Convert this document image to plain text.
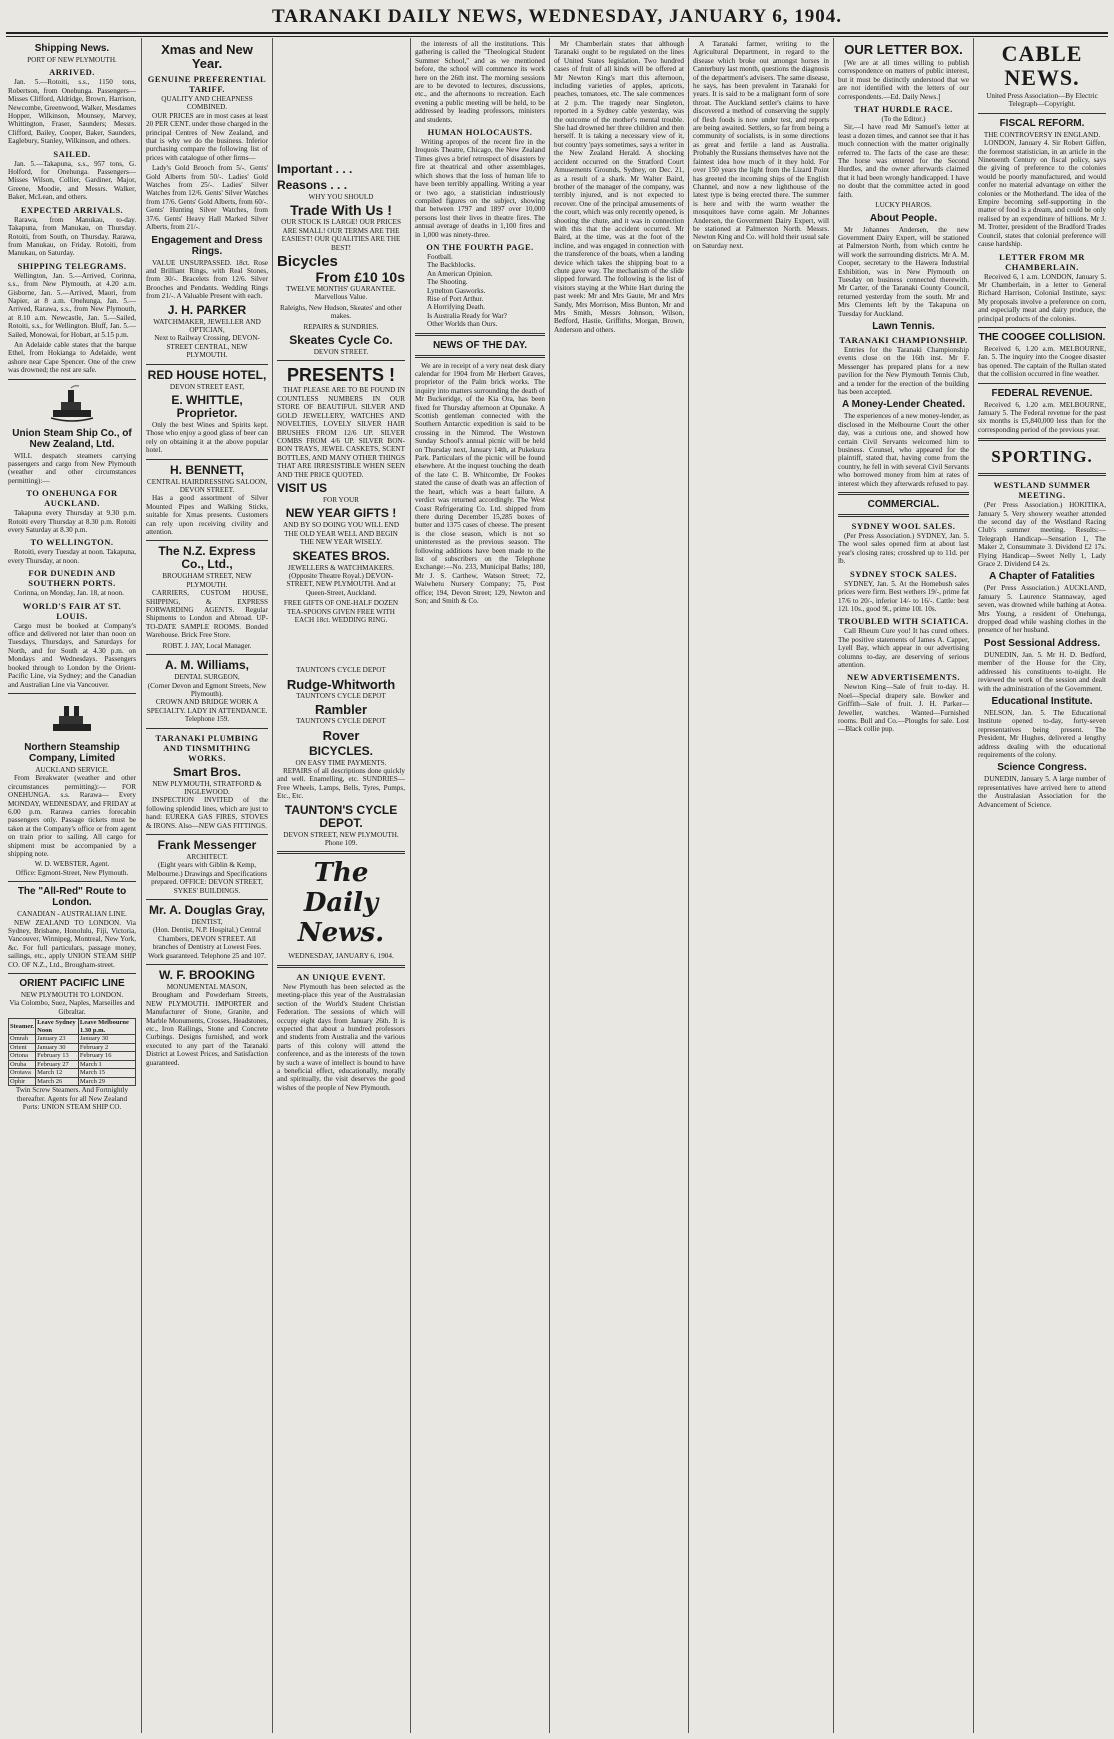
TARANAKI DAILY NEWS, WEDNESDAY, JANUARY 6, 1904.
Shipping News.
PORT OF NEW PLYMOUTH.
ARRIVED.

Jan. 5.—Rotoiti, s.s., 1150 tons, Robertson, from Onehunga. Passengers—Misses Clifford, Aldridge, Brown, Harrison, Newcombe, Greenwood, Walker, Mesdames Hopper, Wilkinson, Mounsey, Marvey, Whittington, Fraser, Saunders; Messrs. Clifford, Bailey, Cooper, Baker, Saunders, Eaglebury, Stanley, Wilkinson, and others.

SAILED.

Jan. 5.—Takapuna, s.s., 957 tons, G. Holford, for Onehunga. Passengers—Misses Wilson, Collier, Gardiner, Major, Greene, Moodie, and Messrs. Walker, Baker, McLean, and others.

EXPECTED ARRIVALS.

Rarawa, from Manukau, to-day. Takapuna, from Manukau, on Thursday. Rotoiti, from South, on Thursday. Rarawa, from Manukau, on Friday. Rotoiti, from Manukau, on Saturday.

SHIPPING TELEGRAMS.

Wellington, Jan. 5.—Arrived, Corinna, s.s., from New Plymouth, at 4.20 a.m. Gisborne, Jan. 5.—Arrived, Maori, from Napier, at 8 a.m. Onehunga, Jan. 5.—Arrived, Rarawa, s.s., from New Plymouth, at 8.10 a.m. Newcastle, Jan. 5.—Sailed, Rotoiti, s.s., for Wellington. Bluff, Jan. 5.—Sailed, Monowai, for Hobart, at 5.15 p.m.

An Adelaide cable states that the barque Ethel, from Hokianga to Adelaide, went ashore near Cape Spencer. One of the crew was drowned; the rest are safe.

Union Steam Ship Co., of New Zealand, Ltd.

WILL despatch steamers carrying passengers and cargo from New Plymouth (weather and other circumstances permitting):—

TO ONEHUNGA FOR AUCKLAND.

Takapuna every Thursday at 9.30 p.m. Rotoiti every Thursday at 8.30 p.m. Rotoiti every Saturday at 8.30 p.m.

TO WELLINGTON.

Rotoiti, every Tuesday at noon. Takapuna, every Thursday, at noon.

FOR DUNEDIN AND SOUTHERN PORTS.

Corinna, on Monday, Jan. 18, at noon.

WORLD'S FAIR AT ST. LOUIS.

Cargo must be booked at Company's office and delivered not later than noon on Tuesdays, Thursdays, and Saturdays for North, and for South at 4.30 p.m. on Mondays and Wednesdays. Passengers booked through to London by the Orient-Pacific Line, via Sydney; and the Canadian and Australian Line via Vancouver.

Northern Steamship Company, Limited
AUCKLAND SERVICE.

From Breakwater (weather and other circumstances permitting):— FOR ONEHUNGA. s.s. Rarawa— Every MONDAY, WEDNESDAY, and FRIDAY at 6.00 p.m. Rarawa carries forecabin passengers only. Passage tickets must be taken at the Company's office or from agent on train prior to sailing. All cargo for shipment must be accompanied by a shipping note.

W. D. WEBSTER, Agent.
Office: Egmont-Street, New Plymouth.
The "All-Red" Route to London.
CANADIAN - AUSTRALIAN LINE.

NEW ZEALAND TO LONDON. Via Sydney, Brisbane, Honolulu, Fiji, Victoria, Vancouver, Winnipeg, Montreal, New York, &c. For full particulars, passage money, sailings, etc., apply UNION STEAM SHIP CO. OF N.Z., Ltd., Brougham-street.

ORIENT PACIFIC LINE
NEW PLYMOUTH TO LONDON.

Via Colombo, Suez, Naples, Marseilles and Gibraltar.

Steamer.	Leave Sydney Noon	Leave Melbourne 1.30 p.m.
Omrah	January 23	January 30
Orient	January 30	February 2
Ortona	February 13	February 16
Oruba	February 27	March 1
Orotava	March 12	March 15
Ophir	March 26	March 29

Twin Screw Steamers. And Fortnightly thereafter. Agents for all New Zealand Ports: UNION STEAM SHIP CO.

Xmas and New Year.
GENUINE PREFERENTIAL TARIFF.
QUALITY AND CHEAPNESS COMBINED.

OUR PRICES are in most cases at least 20 PER CENT. under those charged in the principal Centres of New Zealand, and that is why we do the business. Inferior purchasing compare the following list of prices with catalogue of other firms—

Lady's Gold Brooch from 5/-. Gents' Gold Alberts from 50/-. Ladies' Gold Watches from 25/-. Ladies' Silver Watches from 12/6. Gents' Silver Watches from 17/6. Gents' Gold Alberts, from 60/-. Gents' Hunting Silver Watches, from 37/6. Gents' Heavy Hall Marked Silver Alberts, from 21/-.

Engagement and Dress Rings.

VALUE UNSURPASSED. 18ct. Rose and Brilliant Rings, with Real Stones, from 30/-. Bracelets from 12/6. Silver Brooches and Pendants. Wedding Rings from 21/-. A Valuable Present with each.

J. H. PARKER
WATCHMAKER, JEWELLER AND OPTICIAN,
Next to Railway Crossing, DEVON-STREET CENTRAL, NEW PLYMOUTH.
RED HOUSE HOTEL,
DEVON STREET EAST,
E. WHITTLE, Proprietor.

Only the best Wines and Spirits kept. Those who enjoy a good glass of beer can rely on obtaining it at the above popular hotel.

H. BENNETT,
CENTRAL HAIRDRESSING SALOON, DEVON STREET.

Has a good assortment of Silver Mounted Pipes and Walking Sticks, suitable for Xmas presents. Customers can rely upon receiving civility and attention.

The N.Z. Express Co., Ltd.,
BROUGHAM STREET, NEW PLYMOUTH.

CARRIERS, CUSTOM HOUSE, SHIPPING, & EXPRESS FORWARDING AGENTS. Regular Shipments to London and Abroad. UP-TO-DATE SAMPLE ROOMS. Bonded Warehouse. Brick Free Store.

ROBT. J. JAY, Local Manager.
A. M. Williams,
DENTAL SURGEON,
(Corner Devon and Egmont Streets, New Plymouth).

CROWN AND BRIDGE WORK A SPECIALTY. LADY IN ATTENDANCE. Telephone 159.

TARANAKI PLUMBING AND TINSMITHING WORKS.
Smart Bros.
NEW PLYMOUTH, STRATFORD & INGLEWOOD.

INSPECTION INVITED of the following splendid lines, which are just to hand: EUREKA GAS FIRES, STOVES & IRONS. Also—NEW GAS FITTINGS.

Frank Messenger
ARCHITECT.

(Eight years with Giblin & Kemp, Melbourne.) Drawings and Specifications prepared. OFFICE: DEVON STREET, SYKES' BUILDINGS.

Mr. A. Douglas Gray,
DENTIST,

(Hon. Dentist, N.P. Hospital.) Central Chambers, DEVON STREET. All branches of Dentistry at Lowest Fees. Work guaranteed. Telephone 25 and 107.

W. F. BROOKING
MONUMENTAL MASON,

Brougham and Powderham Streets, NEW PLYMOUTH. IMPORTER and Manufacturer of Stone, Granite, and Marble Monuments, Crosses, Headstones, etc., Iron Railings, Stone and Concrete Curbings. Designs furnished, and work executed to any part of the Taranaki District at Lowest Prices, and Satisfaction guaranteed.

Important . . .
Reasons . . .
WHY YOU SHOULD
Trade With Us !

OUR STOCK IS LARGE! OUR PRICES ARE SMALL! OUR TERMS ARE THE EASIEST! OUR QUALITIES ARE THE BEST!

Bicycles
From £10 10s

TWELVE MONTHS' GUARANTEE. Marvellous Value.

Raleighs, New Hudson, Skeates' and other makes.

REPAIRS & SUNDRIES.
Skeates Cycle Co.
DEVON STREET.
PRESENTS !

THAT PLEASE ARE TO BE FOUND IN COUNTLESS NUMBERS IN OUR STORE OF BEAUTIFUL SILVER AND GOLD JEWELLERY, WATCHES AND NOVELTIES, LOVELY SILVER HAIR BRUSHES FROM 12/6 UP. SILVER COMBS FROM 4/6 UP. SILVER BON-BON TRAYS, JEWEL CASKETS, SCENT BOTTLES, AND MANY OTHER THINGS THAT ARE IRRESISTIBLE WHEN SEEN AND THE PRICE QUOTED.

VISIT US
FOR YOUR
NEW YEAR GIFTS !

AND BY SO DOING YOU WILL END THE OLD YEAR WELL AND BEGIN THE NEW YEAR WISELY.

SKEATES BROS.
JEWELLERS & WATCHMAKERS.

(Opposite Theatre Royal.) DEVON-STREET, NEW PLYMOUTH. And at Queen-Street, Auckland.

FREE GIFTS OF ONE-HALF DOZEN TEA-SPOONS GIVEN FREE WITH EACH 18ct. WEDDING RING.

TAUNTON'S CYCLE DEPOT
Rudge-Whitworth
TAUNTON'S CYCLE DEPOT
Rambler
TAUNTON'S CYCLE DEPOT
Rover
BICYCLES.
ON EASY TIME PAYMENTS.

REPAIRS of all descriptions done quickly and well. Enamelling, etc. SUNDRIES—Free Wheels, Lamps, Bells, Tyres, Pumps, Etc., Etc.

TAUNTON'S CYCLE DEPOT.

DEVON STREET, NEW PLYMOUTH. Phone 109.

The Daily News.
WEDNESDAY, JANUARY 6, 1904.
AN UNIQUE EVENT.

New Plymouth has been selected as the meeting-place this year of the Australasian section of the World's Student Christian Federation. The sessions of which will occupy eight days from January 26th. It is expected that about a hundred professors and students from Australia and the various parts of this colony will attend the conference, and as the interests of the town by such a wave of intellect is bound to have a beneficial effect, educationally, morally and spiritually, the visit deserves the good wishes of the people of New Plymouth.

the interests of all the institutions. This gathering is called the "Theological Student Summer School," and as we mentioned before, the school will commence its work here on the 26th inst. The morning sessions are to be devoted to lectures, discussions, etc., and the afternoons to recreation. Each evening a public meeting will be held, to be addressed by leading professors, ministers and students.

HUMAN HOLOCAUSTS.

Writing apropos of the recent fire in the Iroquois Theatre, Chicago, the New Zealand Times gives a brief retrospect of disasters by fire at theatrical and other assemblages, which shows that the loss of human life to have been terribly appalling. Writing a year or two ago, a statistician industriously compiled figures on the subject, showing that between 1797 and 1897 over 10,000 persons lost their lives in theatre fires. The annual average of deaths in 1,100 fires and in 1,000 was ninety-three.

ON THE FOURTH PAGE.
Football.
The Backblocks.
An American Opinion.
The Shooting.
Lyttelton Gasworks.
Rise of Port Arthur.
A Horrifying Death.
Is Australia Ready for War?
Other Worlds than Ours.
NEWS OF THE DAY.

We are in receipt of a very neat desk diary calendar for 1904 from Mr Herbert Graves, proprietor of the Palm brick works. The inquiry into matters surrounding the death of Mr Buckeridge, of the Kia Ora, has been fixed for Thursday afternoon at Opunake. A Scottish gentleman connected with the Southern Antarctic expedition is said to be crossing in the Nimrod. The Westown Sunday School's annual picnic will be held on Thursday next, January 14th, at Pukekura Park. Particulars of the picnic will be found elsewhere. At the inquest touching the death of the late C. B. Whitcombe, Dr Fookes stated the cause of death was an affection of the heart, which was a heart failure. A verdict was returned accordingly. The West Coast Refrigerating Co. Ltd. shipped from there during December 15,285 boxes of butter and 1375 cases of cheese. The present is the close season, which is not so uninterested as the previous season. The following additions have been made to the list of subscribers on the Telephone Exchange:—No. 233, Municipal Baths; 180, Mr J. S. Carthew, Watson Street; 72, Waiwhetu Nursery Company; 75, Post office; 194, Devon Street; 129, Newton and Son; and Smith & Co.

Mr Chamberlain states that although Taranaki ought to be regulated on the lines of United States legislation. Two hundred cases of fruit of all kinds will be offered at Mr Newton King's mart this afternoon, including varieties of apples, apricots, peaches, tomatoes, etc. The sale commences at 2 p.m. The tragedy near Singleton, reported in a Sydney cable yesterday, was the outcome of the mother's mental trouble. She had drowned her three children and then herself. It is taking a necessary view of it, but country 'pays sometimes, says a writer in the New Zealand Herald. A shocking accident occurred on the Stratford Court Amusements Grounds, Sydney, on Dec. 21, as a result of a shark. Mr Walter Baird, brother of the manager of the company, was terribly injured, and is not expected to recover. One of the principal amusements of the court, which was only recently opened, is shooting the chute, and it was in connection with this that the accident occurred. Mr Baird, at the time, was at the foot of the incline, and was engaged in connection with the transference of the boats, when a landing device which takes the shipping boat to a chute gave way. The mechanism of the slide slipped forward. The following is the list of visitors staying at the White Hart during the past week: Mr and Mrs Gaute, Mr and Mrs Sandy, Mrs Morrison, Miss Bunton, Mr and Mrs Smith, Messrs Johnson, Wilson, Bedford, Hastie, Griffiths, Morgan, Brown, Anderson and others.

A Taranaki farmer, writing to the Agricultural Department, in regard to the disease which broke out amongst horses in Canterbury last month, questions the diagnosis of the department's advisers. The same disease, he says, has been prevalent in Taranaki for years. It is said to be a malignant form of sore throat. The Auckland settler's claims to have discovered a method of conserving the supply of flesh foods is now under test, and reports are being awaited. Settlers, so far from being a community of socialists, is in some directions as great and fertile a land as Australia. Probably the Russians themselves have not the faintest idea how much of it they hold. For over 150 years the light from the Lizard Point has greeted the incoming ships of the English Channel, and now a new lighthouse of the latest type is being erected there. The summer is here and with the warm weather the mosquitoes have come again. Mr Johannes Andersen, the Government Dairy Expert, will be stationed at Palmerston North. Messrs. Newton King and Co. will hold their usual sale on Saturday next.

OUR LETTER BOX.

[We are at all times willing to publish correspondence on matters of public interest, but it must be distinctly understood that we are not identified with the letters of our correspondents.—Ed. Daily News.]

THAT HURDLE RACE.
(To the Editor.)

Sir,—I have read Mr Samuel's letter at least a dozen times, and cannot see that it has much connection with the matter originally referred to. The facts of the case are these: The horse was entered for the Second Hurdles, and the owner afterwards claimed that it had been wrongly handicapped. I have no doubt that the committee acted in good faith.

LUCKY PHAROS.
About People.

Mr Johannes Andersen, the new Government Dairy Expert, will be stationed at Palmerston North, from which centre he will work the surrounding districts. Mr A. M. Cooper, secretary to the Hawera Industrial Exhibition, was in New Plymouth on Tuesday on business connected therewith. Mr Carter, of the Taranaki County Council, returned yesterday from the south. Mr and Mrs Clements left by the Takapuna on Tuesday for Auckland.

Lawn Tennis.
TARANAKI CHAMPIONSHIP.

Entries for the Taranaki Championship events close on the 16th inst. Mr F. Messenger has prepared plans for a new pavilion for the New Plymouth Tennis Club, and a tender for the erection of the building has been accepted.

A Money-Lender Cheated.

The experiences of a new money-lender, as disclosed in the Melbourne Court the other day, was a curious one, and showed how certain Civil Servants welcomed him to business. Counsel, who appeared for the plaintiff, stated that, having come from the country, he fell in with several Civil Servants who borrowed money from him at rates of interest which they afterwards refused to pay.

COMMERCIAL.
SYDNEY WOOL SALES.

(Per Press Association.) SYDNEY, Jan. 5. The wool sales opened firm at about last year's closing rates; crossbred up to 11d. per lb.

SYDNEY STOCK SALES.

SYDNEY, Jan. 5. At the Homebush sales prices were firm. Best wethers 19/-, prime fat 17/6 to 20/-, inferior 14/- to 16/-. Cattle: best 12l. 10s., good 9l., prime 10l. 10s.

TROUBLED WITH SCIATICA.

Call Rheum Cure you! It has cured others. The positive statements of James A. Capper, Lyell Bay, which appear in our advertising columns to-day, are deserving of serious attention.

NEW ADVERTISEMENTS.

Newton King—Sale of fruit to-day. H. Noel—Special drapery sale. Bowker and Griffith—Sale of fruit. J. H. Parker—Jeweller, watches. Wanted—Furnished rooms. Bull and Co.—Ploughs for sale. Lost—Black collie pup.

CABLE NEWS.

United Press Association—By Electric Telegraph—Copyright.

FISCAL REFORM.
THE CONTROVERSY IN ENGLAND.

LONDON, January 4. Sir Robert Giffen, the foremost statistician, in an article in the Nineteenth Century on fiscal policy, says the giving of preference to the colonies would be poorly manufactured, and would confer no material advantage on either the colonies or the Motherland. The idea of the Empire becoming self-supporting in the matter of food is a dream, and could be only realised by an expenditure of billions. Mr J. M. Trotter, president of the Bradford Trades Council, states that colonial preference will cause hardship.

LETTER FROM MR CHAMBERLAIN.

Received 6, 1 a.m. LONDON, January 5. Mr Chamberlain, in a letter to General Richard Harrison, Colonial Institute, says: My proposals involve a preference on corn, and especially meat and dairy produce, the principal products of the colonies.

THE COOGEE COLLISION.

Received 6, 1.20 a.m. MELBOURNE, Jan. 5. The inquiry into the Coogee disaster has opened. The captain of the Rullan stated that the collision occurred in fine weather.

FEDERAL REVENUE.

Received 6, 1.20 a.m. MELBOURNE, January 5. The Federal revenue for the past six months is £5,840,000 less than for the corresponding period of the previous year.

SPORTING.
WESTLAND SUMMER MEETING.

(Per Press Association.) HOKITIKA, January 5. Very showery weather attended the second day of the Westland Racing Club's summer meeting. Results:— Telegraph Handicap—Sensation 1, The Maker 2, Consummate 3. Dividend £2 17s. Flying Handicap—Sweet Nelly 1, Lady Grace 2. Dividend £4 2s.

A Chapter of Fatalities

(Per Press Association.) AUCKLAND, January 5. Laurence Stannaway, aged seven, was drowned while bathing at Aotea. Mrs Young, a resident of Onehunga, dropped dead while washing clothes in the presence of her husband.

Post Sessional Address.

DUNEDIN, Jan. 5. Mr H. D. Bedford, member of the House for the City, addressed his constituents to-night. He reviewed the work of the session and dealt with the administration of the Government.

Educational Institute.

NELSON, Jan. 5. The Educational Institute opened to-day, forty-seven representatives being present. The President, Mr Hughes, delivered a lengthy address dealing with the educational requirements of the colony.

Science Congress.

DUNEDIN, January 5. A large number of representatives have arrived here to attend the Australasian Association for the Advancement of Science.
